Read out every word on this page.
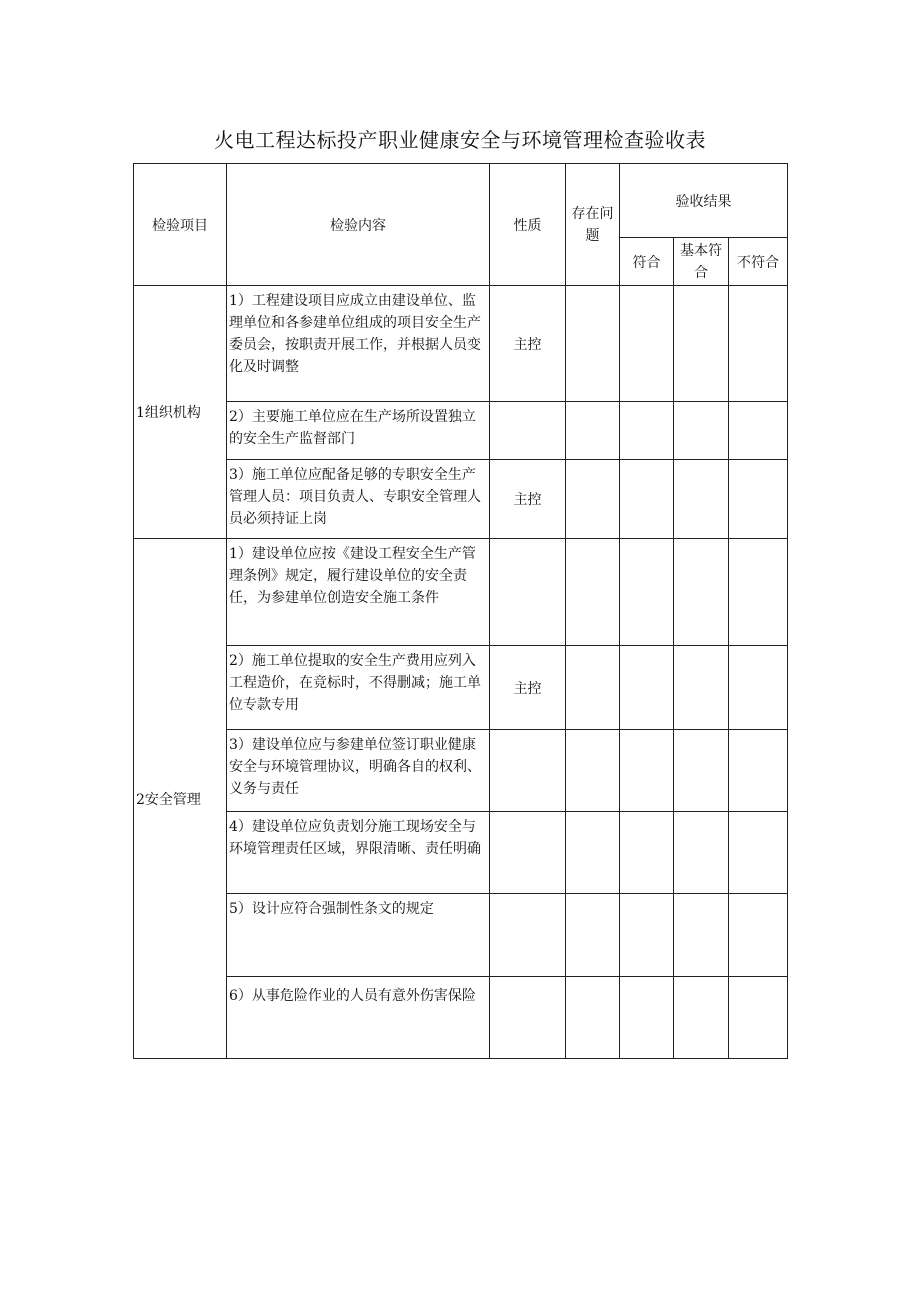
火电工程达标投产职业健康安全与环境管理检查验收表
检验项目	检验内容	性质	存在问题	验收结果		
				符合	基本符合	不符合
1组织机构	1）工程建设项目应成立由建设单位、监理单位和各参建单位组成的项目安全生产委员会，按职责开展工作，并根据人员变化及时调整	主控				
	2）主要施工单位应在生产场所设置独立的安全生产监督部门					
	3）施工单位应配备足够的专职安全生产管理人员：项目负责人、专职安全管理人员必须持证上岗	主控				
2安全管理	1）建设单位应按《建设工程安全生产管理条例》规定，履行建设单位的安全责任，为参建单位创造安全施工条件					
	2）施工单位提取的安全生产费用应列入工程造价，在竞标时，不得删减；施工单位专款专用	主控				
	3）建设单位应与参建单位签订职业健康安全与环境管理协议，明确各自的权利、义务与责任					
	4）建设单位应负责划分施工现场安全与环境管理责任区域，界限清晰、责任明确					
	5）设计应符合强制性条文的规定					
	6）从事危险作业的人员有意外伤害保险					
